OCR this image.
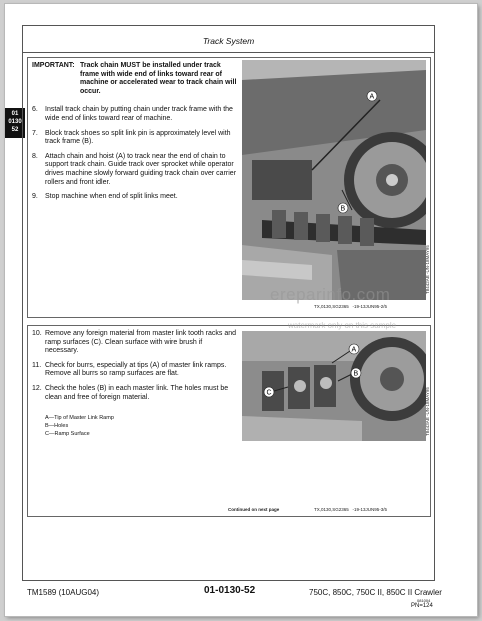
01
0130
52
Track System
IMPORTANT: Track chain MUST be installed under track frame with wide end of links toward rear of machine or accelerated wear to track chain will occur.
6.	Install track chain by putting chain under track frame with the wide end of links toward rear of machine.
7.	Block track shoes so split link pin is approximately level with track frame (B).
8.	Attach chain and hoist (A) to track near the end of chain to support track chain. Guide track over sprocket while operator drives machine slowly forward guiding track chain over carrier rollers and front idler.
9.	Stop machine when end of split links meet.
A
B
T8442AB -UN-18MAY95
TX,0130,SG2365 -19-13JUN95-2/5
10. Remove any foreign material from master link tooth racks and ramp surfaces (C). Clean surface with wire brush if necessary.
11. Check for burrs, especially at tips (A) of master link ramps. Remove all burrs so ramp surfaces are flat.
12. Check the holes (B) in each master link. The holes must be clean and free of foreign material.
A—Tip of Master Link Ramp
B—Holes
C—Ramp Surface
A
B
C	T8443AB -UN-18MAY95
Continued on next page	TX,0130,SG2365 -19-13JUN95-3/5
ereparinfo.com
watermark only on this sample
TM1589 (10AUG04)	01-0130-52	750C, 850C, 750C II, 850C II Crawler
081004
PN=124
